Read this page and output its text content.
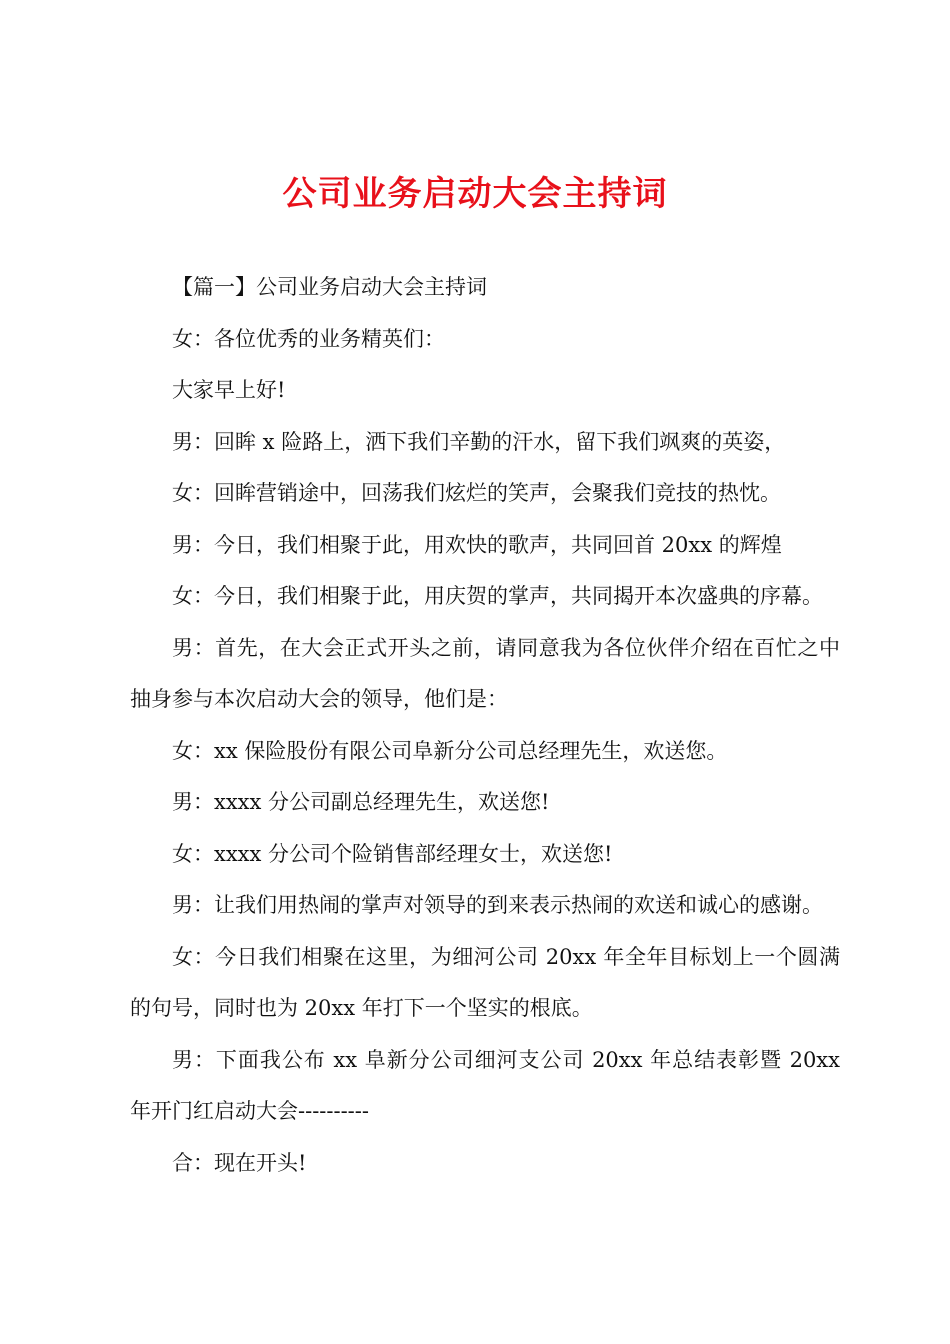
公司业务启动大会主持词

【篇一】公司业务启动大会主持词

女：各位优秀的业务精英们：

大家早上好!

男：回眸 x 险路上，洒下我们辛勤的汗水，留下我们飒爽的英姿，

女：回眸营销途中，回荡我们炫烂的笑声，会聚我们竞技的热忱。

男：今日，我们相聚于此，用欢快的歌声，共同回首 20xx 的辉煌

女：今日，我们相聚于此，用庆贺的掌声，共同揭开本次盛典的序幕。

男：首先，在大会正式开头之前，请同意我为各位伙伴介绍在百忙之中抽身参与本次启动大会的领导，他们是：

女：xx 保险股份有限公司阜新分公司总经理先生，欢送您。

男：xxxx 分公司副总经理先生，欢送您!

女：xxxx 分公司个险销售部经理女士，欢送您!

男：让我们用热闹的掌声对领导的到来表示热闹的欢送和诚心的感谢。

女：今日我们相聚在这里，为细河公司 20xx 年全年目标划上一个圆满的句号，同时也为 20xx 年打下一个坚实的根底。

男：下面我公布 xx 阜新分公司细河支公司 20xx 年总结表彰暨 20xx 年开门红启动大会----------

合：现在开头!
